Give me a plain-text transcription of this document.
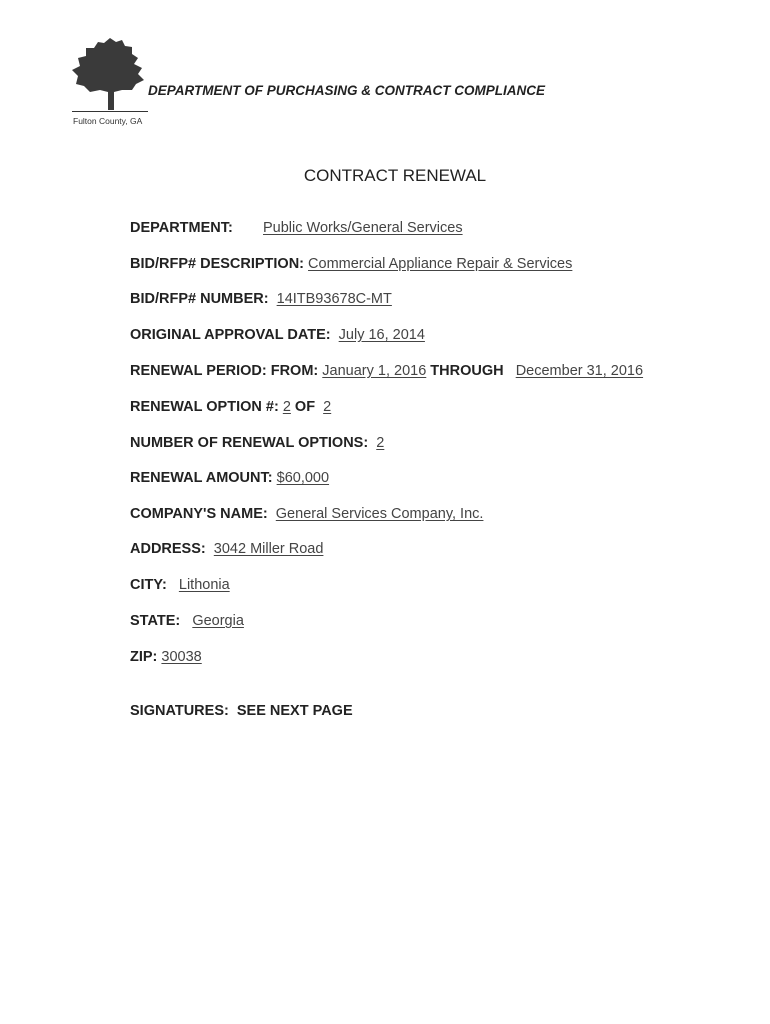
Fulton County, GA
DEPARTMENT OF PURCHASING & CONTRACT COMPLIANCE
CONTRACT RENEWAL
DEPARTMENT: Public Works/General Services
BID/RFP# DESCRIPTION: Commercial Appliance Repair & Services
BID/RFP# NUMBER: 14ITB93678C-MT
ORIGINAL APPROVAL DATE: July 16, 2014
RENEWAL PERIOD: FROM: January 1, 2016 THROUGH December 31, 2016
RENEWAL OPTION #: 2 OF 2
NUMBER OF RENEWAL OPTIONS: 2
RENEWAL AMOUNT: $60,000
COMPANY'S NAME: General Services Company, Inc.
ADDRESS: 3042 Miller Road
CITY: Lithonia
STATE: Georgia
ZIP: 30038
SIGNATURES:  SEE NEXT PAGE
